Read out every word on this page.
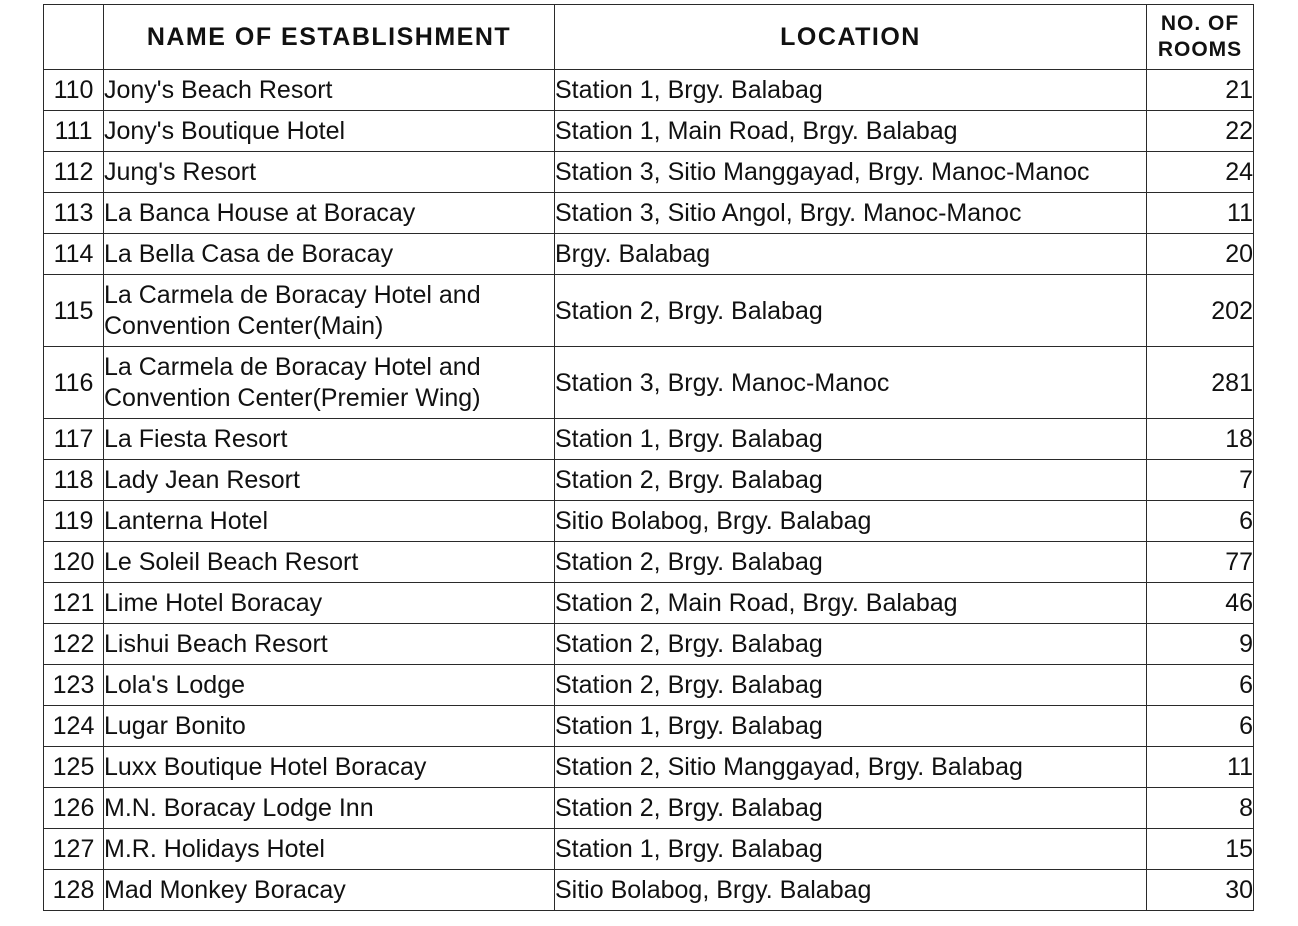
	NAME OF ESTABLISHMENT	LOCATION	NO. OF
ROOMS
110	Jony's Beach Resort	Station 1, Brgy. Balabag	21
111	Jony's Boutique Hotel	Station 1, Main Road, Brgy. Balabag	22
112	Jung's Resort	Station 3, Sitio Manggayad, Brgy. Manoc-Manoc	24
113	La Banca House at Boracay	Station 3, Sitio Angol, Brgy. Manoc-Manoc	11
114	La Bella Casa de Boracay	Brgy. Balabag	20
115	La Carmela de Boracay Hotel and
Convention Center(Main)	Station 2, Brgy. Balabag	202
116	La Carmela de Boracay Hotel and
Convention Center(Premier Wing)	Station 3, Brgy. Manoc-Manoc	281
117	La Fiesta Resort	Station 1, Brgy. Balabag	18
118	Lady Jean Resort	Station 2, Brgy. Balabag	7
119	Lanterna Hotel	Sitio Bolabog, Brgy. Balabag	6
120	Le Soleil Beach Resort	Station 2, Brgy. Balabag	77
121	Lime Hotel Boracay	Station 2, Main Road, Brgy. Balabag	46
122	Lishui Beach Resort	Station 2, Brgy. Balabag	9
123	Lola's Lodge	Station 2, Brgy. Balabag	6
124	Lugar Bonito	Station 1, Brgy. Balabag	6
125	Luxx Boutique Hotel Boracay	Station 2, Sitio Manggayad, Brgy. Balabag	11
126	M.N. Boracay Lodge Inn	Station 2, Brgy. Balabag	8
127	M.R. Holidays Hotel	Station 1, Brgy. Balabag	15
128	Mad Monkey Boracay	Sitio Bolabog, Brgy. Balabag	30
